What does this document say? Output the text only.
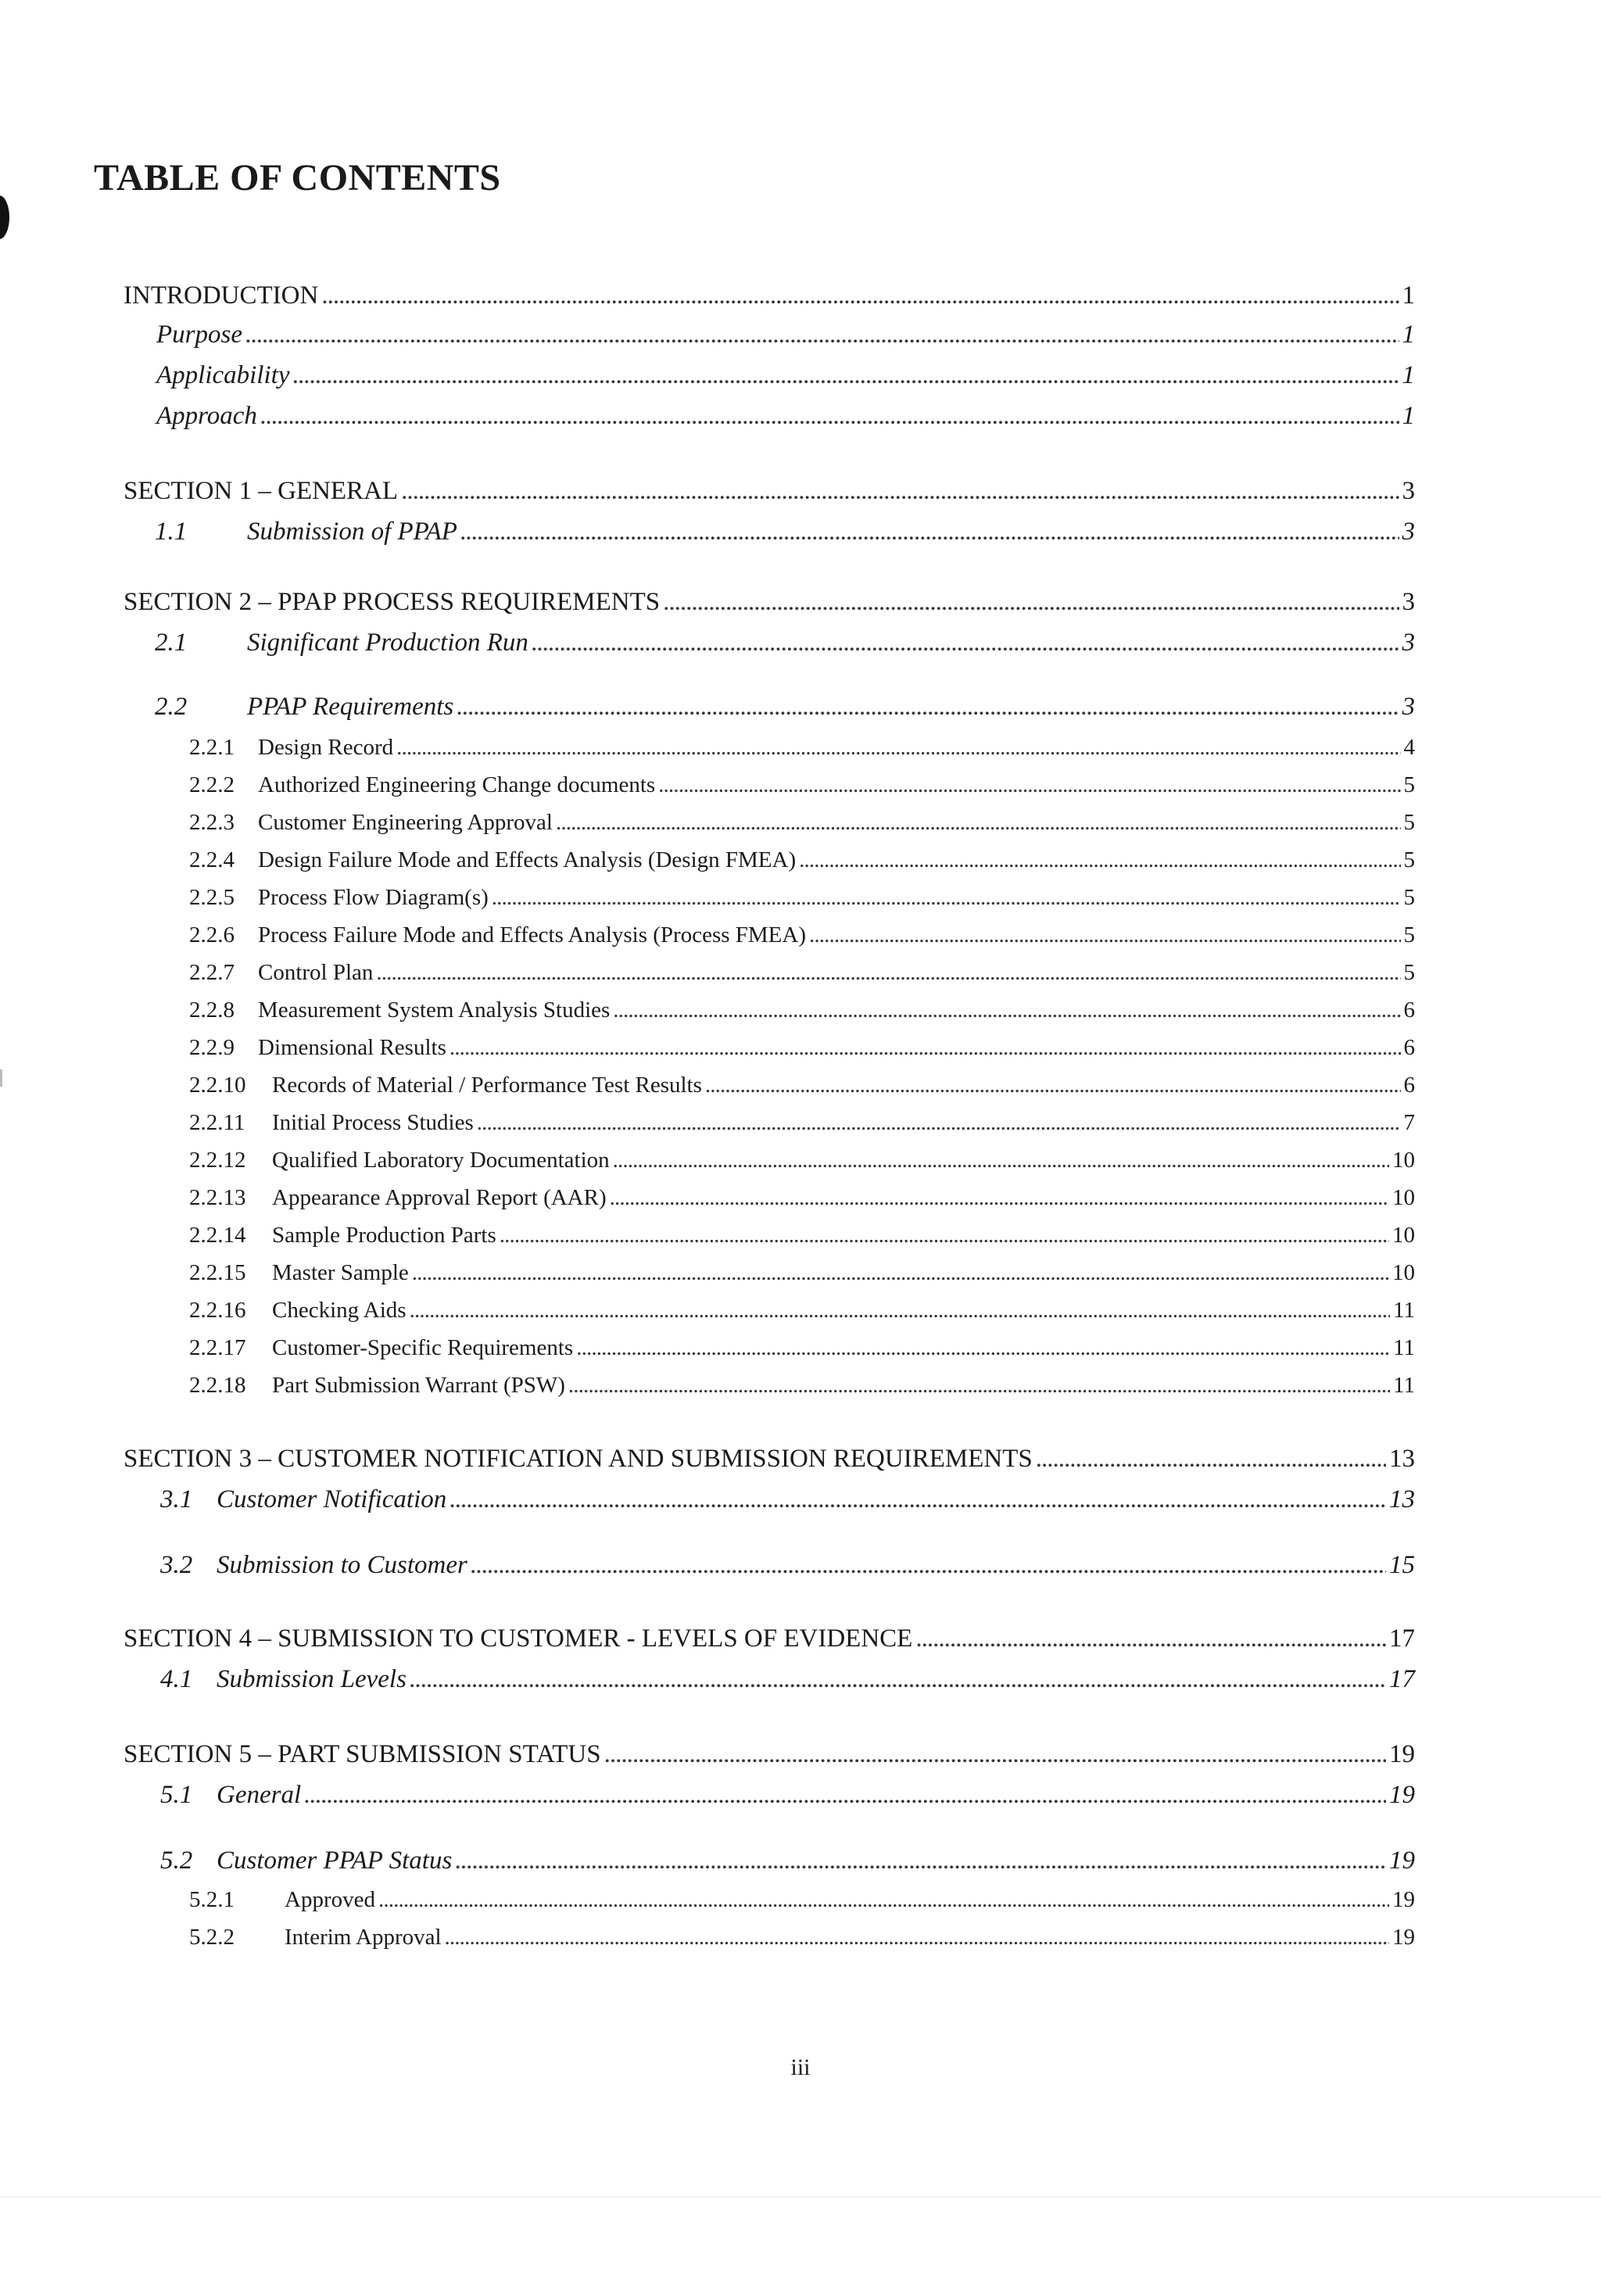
TABLE OF CONTENTS
INTRODUCTION . . .	1
Purpose . . .	1
Applicability . . .	1
Approach . . .	1
SECTION 1 – GENERAL . . .	3
1.1	Submission of PPAP . . .	3
SECTION 2 – PPAP PROCESS REQUIREMENTS . . .	3
2.1	Significant Production Run . . .	3
2.2	PPAP Requirements . . .	3
2.2.1	Design Record . . .	4
2.2.2	Authorized Engineering Change documents . . .	5
2.2.3	Customer Engineering Approval . . .	5
2.2.4	Design Failure Mode and Effects Analysis (Design FMEA) . . .	5
2.2.5	Process Flow Diagram(s) . . .	5
2.2.6	Process Failure Mode and Effects Analysis (Process FMEA) . . .	5
2.2.7	Control Plan . . .	5
2.2.8	Measurement System Analysis Studies . . .	6
2.2.9	Dimensional Results . . .	6
2.2.10	Records of Material / Performance Test Results . . .	6
2.2.11	Initial Process Studies . . .	7
2.2.12	Qualified Laboratory Documentation . . .	10
2.2.13	Appearance Approval Report (AAR) . . .	10
2.2.14	Sample Production Parts . . .	10
2.2.15	Master Sample . . .	10
2.2.16	Checking Aids . . .	11
2.2.17	Customer-Specific Requirements . . .	11
2.2.18	Part Submission Warrant (PSW) . . .	11
SECTION 3 – CUSTOMER NOTIFICATION AND SUBMISSION REQUIREMENTS . . .	13
3.1 Customer Notification . . .	13
3.2 Submission to Customer . . .	15
SECTION 4 – SUBMISSION TO CUSTOMER - LEVELS OF EVIDENCE . . .	17
4.1 Submission Levels . . .	17
SECTION 5 – PART SUBMISSION STATUS . . .	19
5.1 General . . .	19
5.2 Customer PPAP Status . . .	19
5.2.1	Approved . . .	19
5.2.2	Interim Approval . . .	19
iii
